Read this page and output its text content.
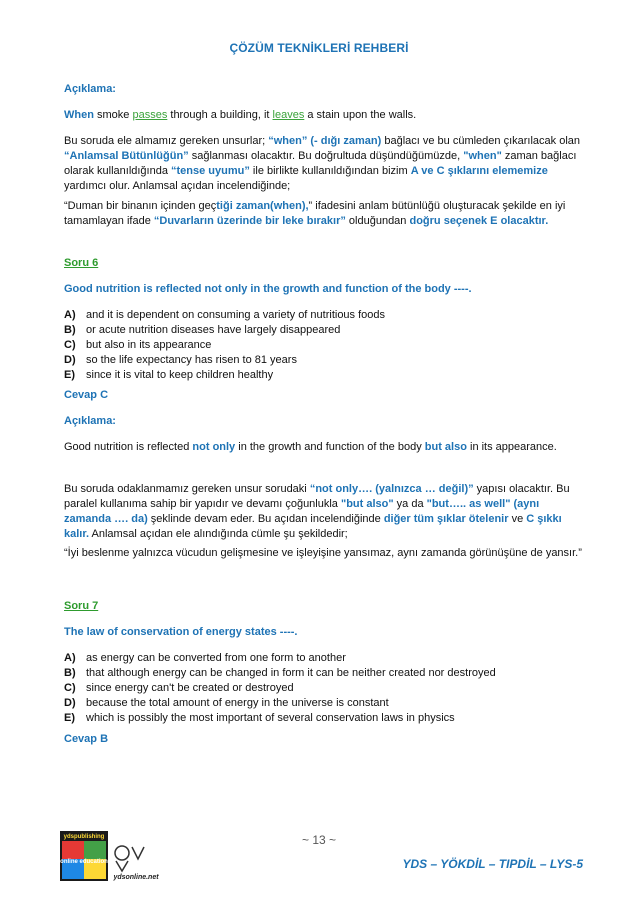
ÇÖZÜM TEKNİKLERİ REHBERİ
Açıklama:
When smoke passes through a building, it leaves a stain upon the walls.
Bu soruda ele almamız gereken unsurlar; “when” (- dığı zaman) bağlacı ve bu cümleden çıkarılacak olan “Anlamsal Bütünlüğün” sağlanması olacaktır. Bu doğrultuda düşündüğümüzde, "when" zaman bağlacı olarak kullanıldığında “tense uyumu” ile birlikte kullanıldığından bizim A ve C şıklarını elememize yardımcı olur. Anlamsal açıdan incelendiğinde;
“Duman bir binanın içinden geçtiği zaman(when),” ifadesini anlam bütünlüğü oluşturacak şekilde en iyi tamamlayan ifade “Duvarların üzerinde bir leke bırakır” olduğundan doğru seçenek E olacaktır.
Soru 6
Good nutrition is reflected not only in the growth and function of the body ----.
A) and it is dependent on consuming a variety of nutritious foods
B) or acute nutrition diseases have largely disappeared
C) but also in its appearance
D) so the life expectancy has risen to 81 years
E) since it is vital to keep children healthy
Cevap C
Açıklama:
Good nutrition is reflected not only in the growth and function of the body but also in its appearance.
Bu soruda odaklanmamız gereken unsur sorudaki “not only…. (yalnızca … değil)” yapısı olacaktır. Bu paralel kullanıma sahip bir yapıdır ve devamı çoğunlukla "but also" ya da "but….. as well" (aynı zamanda …. da) şeklinde devam eder. Bu açıdan incelendiğinde diğer tüm şıklar ötelenir ve C şıkkı kalır. Anlamsal açıdan ele alındığında cümle şu şekildedir;
“İyi beslenme yalnızca vücudun gelişmesine ve işleyişine yansımaz, aynı zamanda görünüşüne de yansır.”
Soru 7
The law of conservation of energy states ----.
A) as energy can be converted from one form to another
B) that although energy can be changed in form it can be neither created nor destroyed
C) since energy can't be created or destroyed
D) because the total amount of energy in the universe is constant
E) which is possibly the most important of several conservation laws in physics
Cevap B
ydspublishing
online education
ydsonline.net
~ 13 ~
YDS – YÖKDİL – TIPDİL – LYS-5
